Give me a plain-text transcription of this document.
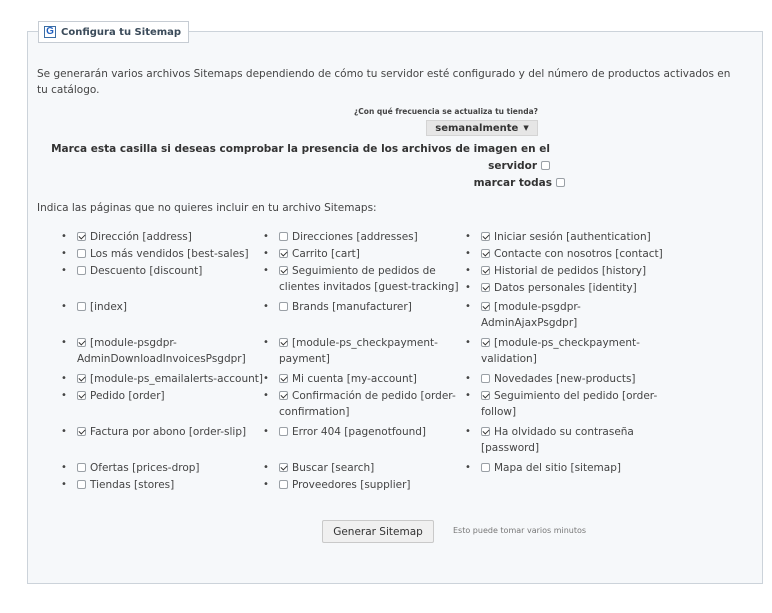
Se generarán varios archivos Sitemaps dependiendo de cómo tu servidor esté configurado y del número de productos activados en tu catálogo.
¿Con qué frecuencia se actualiza tu tienda?
semanalmente ▼
Marca esta casilla si deseas comprobar la presencia de los archivos de imagen en el servidor
marcar todas
Indica las páginas que no quieres incluir en tu archivo Sitemaps:
•	Dirección [address]
•	Los más vendidos [best-sales]
•	Descuento [discount]
•	[index]
•	[module-psgdpr-AdminDownloadInvoicesPsgdpr]
•	[module-ps_emailalerts-account]
•	Pedido [order]
•	Factura por abono [order-slip]
•	Ofertas [prices-drop]
•	Tiendas [stores]
•	Direcciones [addresses]
•	Carrito [cart]
•	Seguimiento de pedidos de clientes invitados [guest-tracking]
•	Brands [manufacturer]
•	[module-ps_checkpayment-payment]
•	Mi cuenta [my-account]
•	Confirmación de pedido [order-confirmation]
•	Error 404 [pagenotfound]
•	Buscar [search]
•	Proveedores [supplier]
•	Iniciar sesión [authentication]
•	Contacte con nosotros [contact]
•	Historial de pedidos [history]
•	Datos personales [identity]
•	[module-psgdpr-AdminAjaxPsgdpr]
•	[module-ps_checkpayment-validation]
•	Novedades [new-products]
•	Seguimiento del pedido [order-follow]
•	Ha olvidado su contraseña [password]
•	Mapa del sitio [sitemap]
Generar Sitemap	Esto puede tomar varios minutos
G Configura tu Sitemap
